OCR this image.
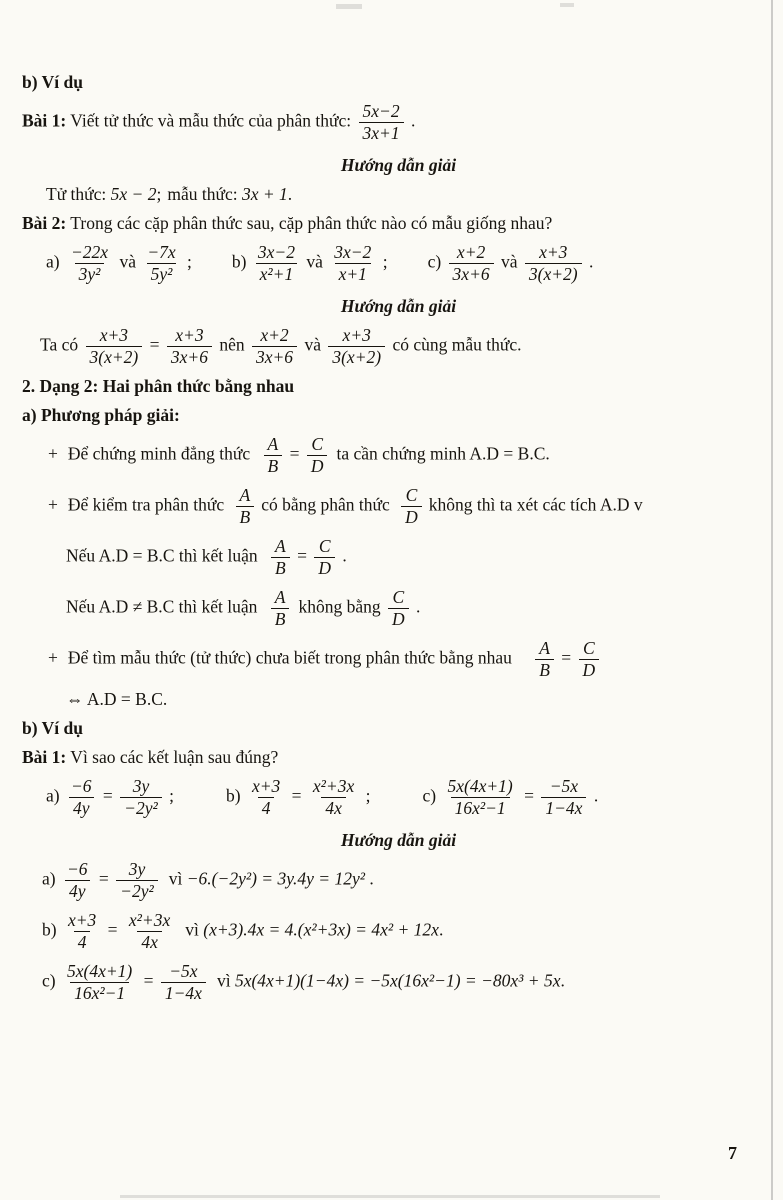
b) Ví dụ
Bài 1: Viết tử thức và mẫu thức của phân thức: $\frac{5x-2}{3x+1}$ .
Hướng dẫn giải
Tử thức: 5x − 2; mẫu thức: 3x + 1.
Bài 2: Trong các cặp phân thức sau, cặp phân thức nào có mẫu giống nhau?
$a) \frac{-22x}{\text{3y²}}$ và $\frac{-7x}{\text{5y²}}$ ; $b) \frac{3x-2}{\text{x²+1}}$ và $\frac{3x-2}{x+1}$ ; $c) \frac{x+2}{3x+6}$ và $\frac{x+3}{3(x+2)}$ .
Hướng dẫn giải
Ta có $\frac{x+3}{3(x+2)} = \frac{x+3}{3x+6}$ nên $\frac{x+2}{3x+6}$ và $\frac{x+3}{3(x+2)}$ có cùng mẫu thức.
2. Dạng 2: Hai phân thức bằng nhau
a) Phương pháp giải:
+ Để chứng minh đẳng thức $\frac{A}{B} = \frac{C}{D}$ ta cần chứng minh A.D = B.C.
+ Để kiểm tra phân thức $\frac{A}{B}$ có bằng phân thức $\frac{C}{D}$ không thì ta xét các tích A.D v
Nếu A.D = B.C thì kết luận $\frac{A}{B} = \frac{C}{D}$ .
Nếu A.D ≠ B.C thì kết luận $\frac{A}{B}$ không bằng $\frac{C}{D}$ .
+ Để tìm mẫu thức (tử thức) chưa biết trong phân thức bằng nhau $\frac{A}{B} = \frac{C}{D}$
⇔ A.D = B.C.
b) Ví dụ
Bài 1: Vì sao các kết luận sau đúng?
$a) \frac{-6}{4y} = \frac{3y}{\text{−2y²}}$ ;	$b) \frac{x+3}{4} = \frac{\text{x²+3x}}{4x}$ ;	$c) \frac{5x(4x+1)}{\text{16x²−1}} = \frac{-5x}{1-4x}$ .
Hướng dẫn giải
$a) \frac{-6}{4y} = \frac{3y}{\text{−2y²}}$ vì −6.(−2y²) = 3y.4y = 12y² .
$b) \frac{x+3}{4} = \frac{\text{x²+3x}}{4x}$ vì (x+3).4x = 4.(x²+3x) = 4x² + 12x.
$c) \frac{5x(4x+1)}{\text{16x²−1}} = \frac{-5x}{1-4x}$ vì 5x(4x+1)(1−4x) = −5x(16x²−1) = −80x³ + 5x.
7
